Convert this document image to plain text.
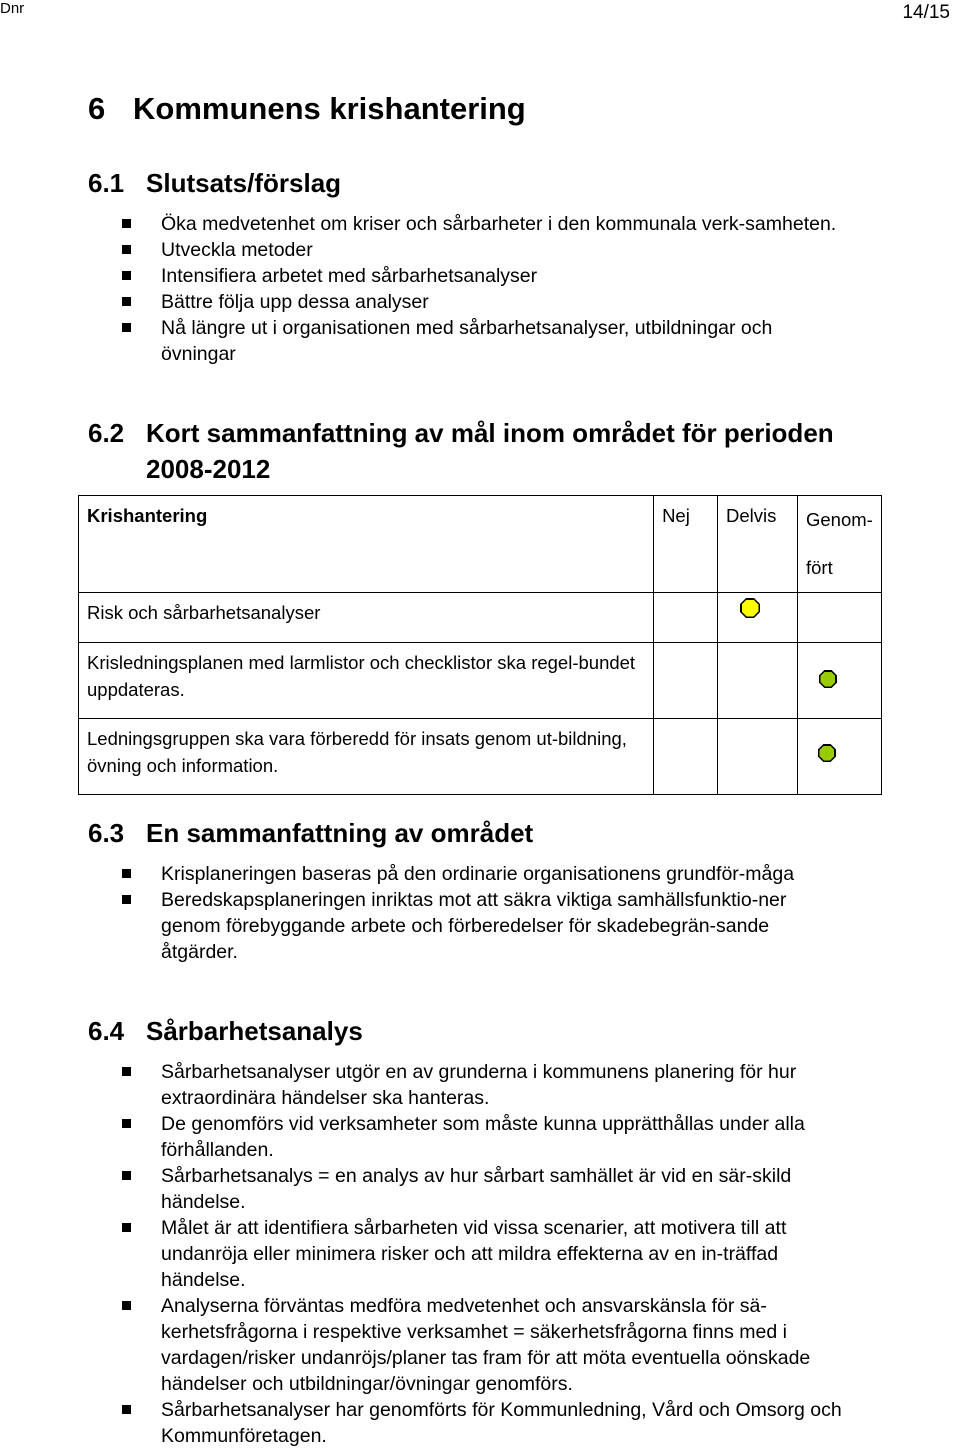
Dnr	14/15
6 Kommunens krishantering
6.1 Slutsats/förslag
Öka medvetenhet om kriser och sårbarheter i den kommunala verk-samheten.
Utveckla metoder
Intensifiera arbetet med sårbarhetsanalyser
Bättre följa upp dessa analyser
Nå längre ut i organisationen med sårbarhetsanalyser, utbildningar och övningar
6.2 Kort sammanfattning av mål inom området för perioden
2008-2012
Krishantering	Nej	Delvis	Genom-
fört
Risk och sårbarhetsanalyser		

Krisledningsplanen med larmlistor och checklistor ska regel-bundet uppdateras.			

Ledningsgruppen ska vara förberedd för insats genom ut-bildning, övning och information.			
6.3 En sammanfattning av området
Krisplaneringen baseras på den ordinarie organisationens grundför-måga
Beredskapsplaneringen inriktas mot att säkra viktiga samhällsfunktio-ner genom förebyggande arbete och förberedelser för skadebegrän-sande åtgärder.
6.4 Sårbarhetsanalys
Sårbarhetsanalyser utgör en av grunderna i kommunens planering för hur extraordinära händelser ska hanteras.
De genomförs vid verksamheter som måste kunna upprätthållas under alla förhållanden.
Sårbarhetsanalys = en analys av hur sårbart samhället är vid en sär-skild händelse.
Målet är att identifiera sårbarheten vid vissa scenarier, att motivera till att undanröja eller minimera risker och att mildra effekterna av en in-träffad händelse.
Analyserna förväntas medföra medvetenhet och ansvarskänsla för sä-kerhetsfrågorna i respektive verksamhet = säkerhetsfrågorna finns med i vardagen/risker undanröjs/planer tas fram för att möta eventuella oönskade händelser och utbildningar/övningar genomförs.
Sårbarhetsanalyser har genomförts för Kommunledning, Vård och Omsorg och Kommunföretagen.
